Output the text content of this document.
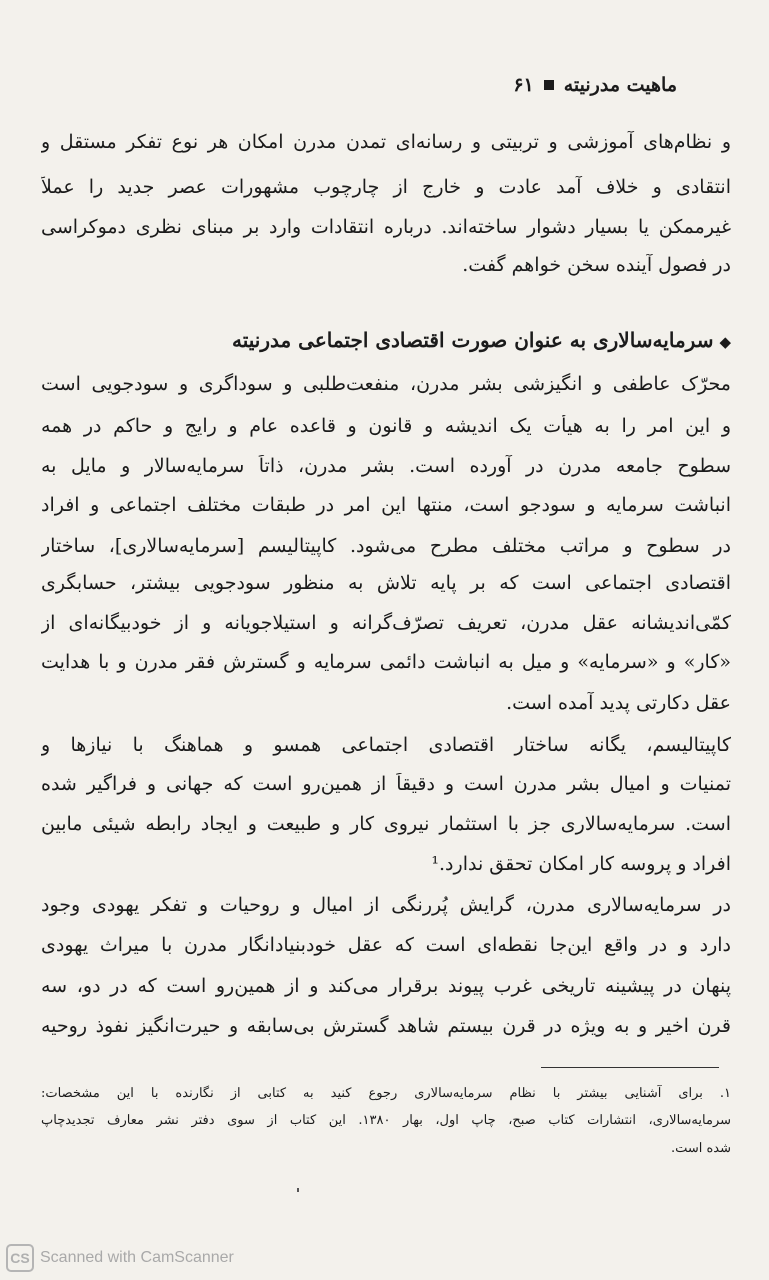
ماهیت مدرنیته
۶۱
و نظام‌های آموزشی و تربیتی و رسانه‌ای تمدن مدرن امکان هر نوع تفکر مستقل و
انتقادی و خلاف آمد عادت و خارج از چارچوب مشهورات عصر جدید را عملاً
غیرممکن یا بسیار دشوار ساخته‌اند. درباره انتقادات وارد بر مبنای نظری دموکراسی
در فصول آینده سخن خواهم گفت.
◆سرمایه‌سالاری به عنوان صورت اقتصادی اجتماعی مدرنیته
محرّک عاطفی و انگیزشی بشر مدرن، منفعت‌طلبی و سوداگری و سودجویی است
و این امر را به هیأت یک اندیشه و قانون و قاعده عام و رایج و حاکم در همه
سطوح جامعه مدرن در آورده است. بشر مدرن، ذاتاً سرمایه‌سالار و مایل به
انباشت سرمایه و سودجو است، منتها این امر در طبقات مختلف اجتماعی و افراد
در سطوح و مراتب مختلف مطرح می‌شود. کاپیتالیسم [سرمایه‌سالاری]، ساختار
اقتصادی اجتماعی است که بر پایه تلاش به منظور سودجویی بیشتر، حسابگری
کمّی‌اندیشانه عقل مدرن، تعریف تصرّف‌گرانه و استیلاجویانه و از خودبیگانه‌ای از
«کار» و «سرمایه» و میل به انباشت دائمی سرمایه و گسترش فقر مدرن و با هدایت
عقل دکارتی پدید آمده است.
کاپیتالیسم، یگانه ساختار اقتصادی اجتماعی همسو و هماهنگ با نیازها و
تمنیات و امیال بشر مدرن است و دقیقاً از همین‌رو است که جهانی و فراگیر شده
است. سرمایه‌سالاری جز با استثمار نیروی کار و طبیعت و ایجاد رابطه شیئی مابین
افراد و پروسه کار امکان تحقق ندارد.¹
در سرمایه‌سالاری مدرن، گرایش پُررنگی از امیال و روحیات و تفکر یهودی وجود
دارد و در واقع این‌جا نقطه‌ای است که عقل خودبنیادانگار مدرن با میراث یهودی
پنهان در پیشینه تاریخی غرب پیوند برقرار می‌کند و از همین‌رو است که در دو، سه
قرن اخیر و به ویژه در قرن بیستم شاهد گسترش بی‌سابقه و حیرت‌انگیز نفوذ روحیه
۱. برای آشنایی بیشتر با نظام سرمایه‌سالاری رجوع کنید به کتابی از نگارنده با این مشخصات:
سرمایه‌سالاری، انتشارات کتاب صبح، چاپ اول، بهار ۱۳۸۰. این کتاب از سوی دفتر نشر معارف تجدیدچاپ
شده است.
CS Scanned with CamScanner
